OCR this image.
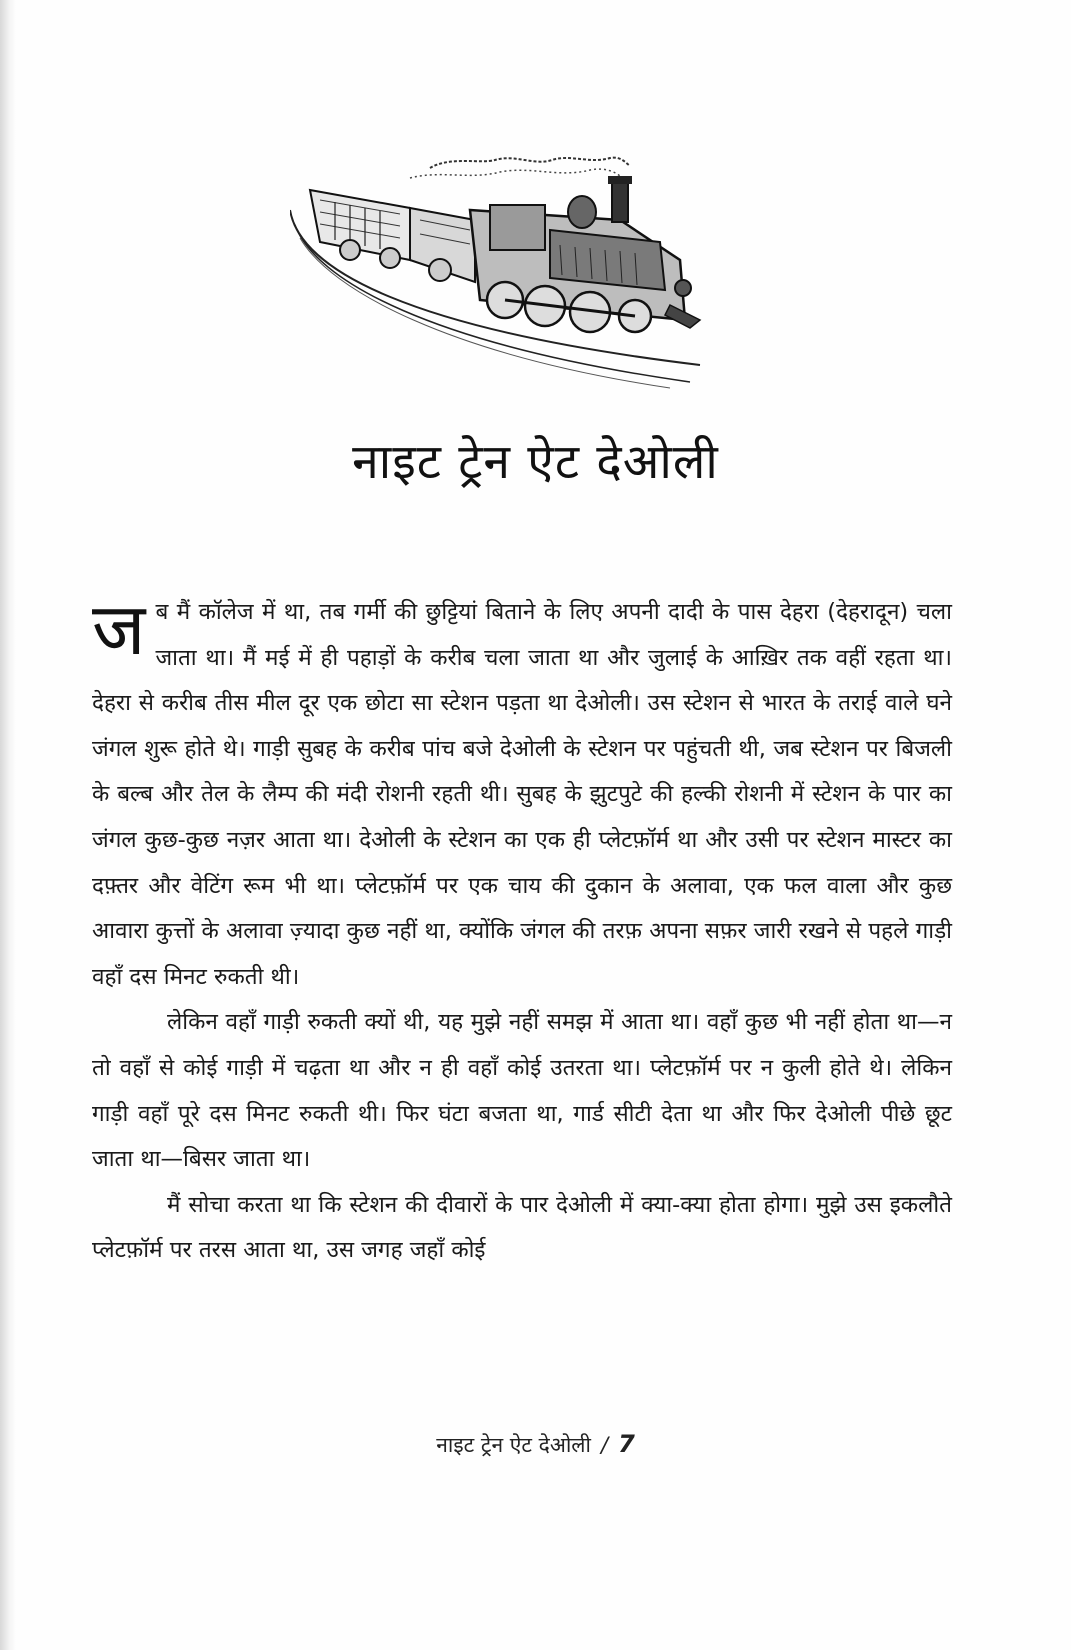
नाइट ट्रेन ऐट देओली

जब मैं कॉलेज में था, तब गर्मी की छुट्टियां बिताने के लिए अपनी दादी के पास देहरा (देहरादून) चला जाता था। मैं मई में ही पहाड़ों के करीब चला जाता था और जुलाई के आख़िर तक वहीं रहता था। देहरा से करीब तीस मील दूर एक छोटा सा स्टेशन पड़ता था देओली। उस स्टेशन से भारत के तराई वाले घने जंगल शुरू होते थे। गाड़ी सुबह के करीब पांच बजे देओली के स्टेशन पर पहुंचती थी, जब स्टेशन पर बिजली के बल्ब और तेल के लैम्प की मंदी रोशनी रहती थी। सुबह के झुटपुटे की हल्की रोशनी में स्टेशन के पार का जंगल कुछ-कुछ नज़र आता था। देओली के स्टेशन का एक ही प्लेटफ़ॉर्म था और उसी पर स्टेशन मास्टर का दफ़्तर और वेटिंग रूम भी था। प्लेटफ़ॉर्म पर एक चाय की दुकान के अलावा, एक फल वाला और कुछ आवारा कुत्तों के अलावा ज़्यादा कुछ नहीं था, क्योंकि जंगल की तरफ़ अपना सफ़र जारी रखने से पहले गाड़ी वहाँ दस मिनट रुकती थी।

लेकिन वहाँ गाड़ी रुकती क्यों थी, यह मुझे नहीं समझ में आता था। वहाँ कुछ भी नहीं होता था—न तो वहाँ से कोई गाड़ी में चढ़ता था और न ही वहाँ कोई उतरता था। प्लेटफ़ॉर्म पर न कुली होते थे। लेकिन गाड़ी वहाँ पूरे दस मिनट रुकती थी। फिर घंटा बजता था, गार्ड सीटी देता था और फिर देओली पीछे छूट जाता था—बिसर जाता था।

मैं सोचा करता था कि स्टेशन की दीवारों के पार देओली में क्या-क्या होता होगा। मुझे उस इकलौते प्लेटफ़ॉर्म पर तरस आता था, उस जगह जहाँ कोई

नाइट ट्रेन ऐट देओली / 7
